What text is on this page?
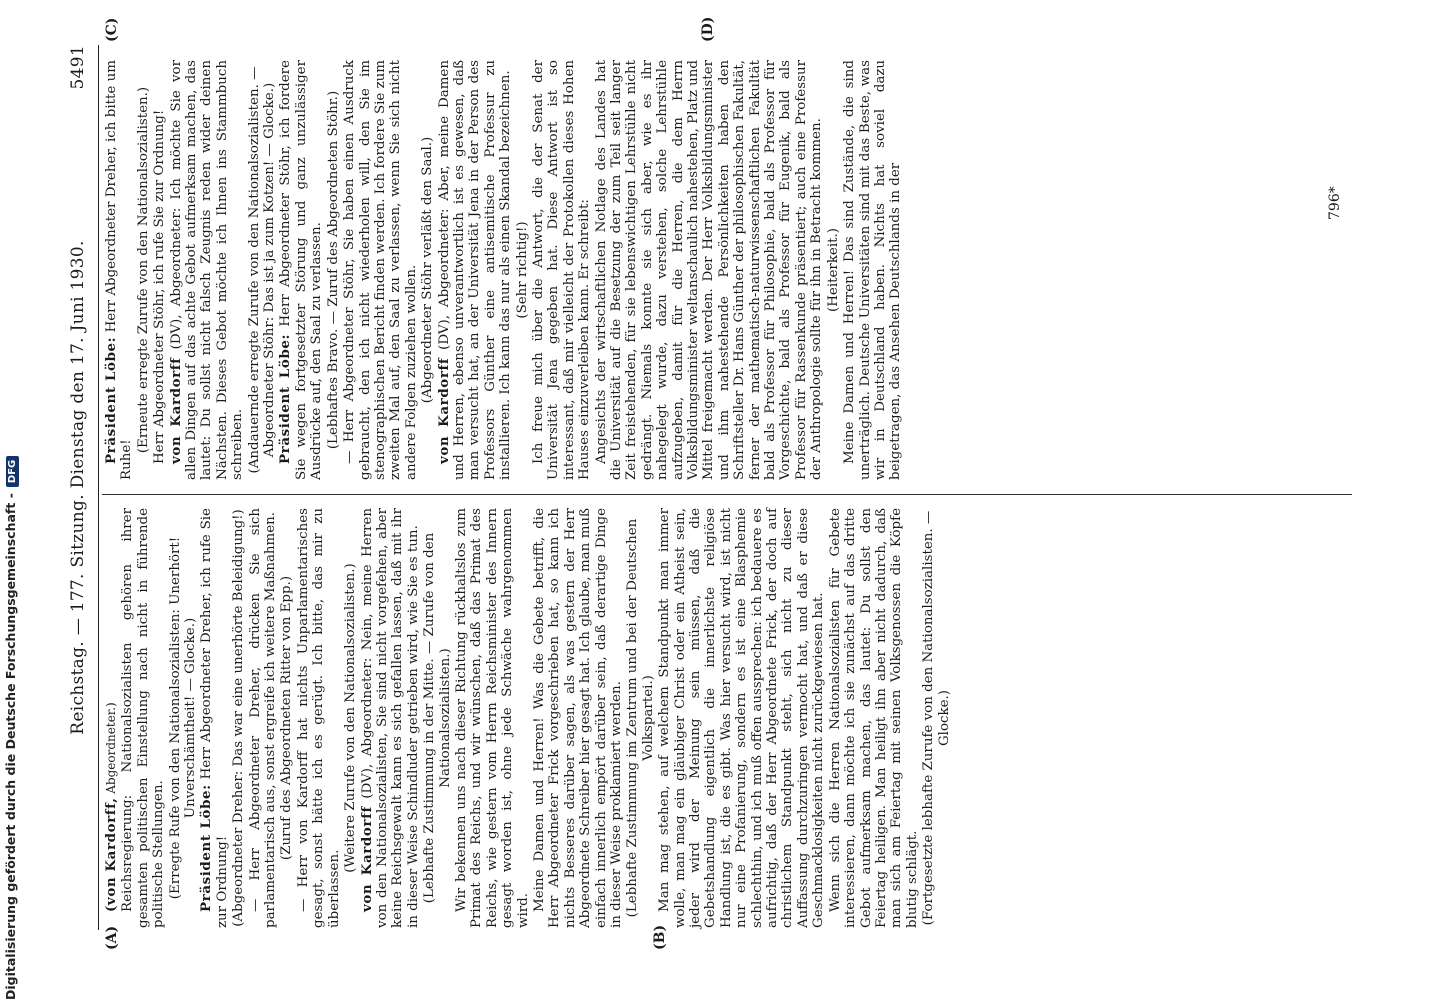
Reichstag. — 177. Sitzung. Dienstag den 17. Juni 1930.
5491
(A)	(B)
(C)	(D)

(von Kardorff, Abgeordneter.) Reichsregierung: Nationalsozialisten gehören ihrer gesamten politischen Einstellung nach nicht in führende politische Stellungen. (Erregte Rufe von den Nationalsozialisten: Unerhört! Unverschämtheit! — Glocke.)

Präsident Löbe: Herr Abgeordneter Dreher, ich rufe Sie zur Ordnung! (Abgeordneter Dreher: Das war eine unerhörte Beleidigung!) — Herr Abgeordneter Dreher, drücken Sie sich parlamentarisch aus, sonst ergreife ich weitere Maßnahmen. (Zuruf des Abgeordneten Ritter von Epp.) — Herr von Kardorff hat nichts Unparlamentarisches gesagt, sonst hätte ich es gerügt. Ich bitte, das mir zu überlassen.

(Weitere Zurufe von den Nationalsozialisten.) von Kardorff (DV), Abgeordneter: Nein, meine Herren von den Nationalsozialisten, Sie sind nicht vorgefehen, aber keine Reichsgewalt kann es sich gefallen lassen, daß mit ihr in dieser Weise Schindluder getrieben wird, wie Sie es tun. (Lebhafte Zustimmung in der Mitte. — Zurufe von den Nationalsozialisten.) Wir bekennen uns nach dieser Richtung rückhaltslos zum Primat des Reichs, und wir wünschen, daß das Primat des Reichs, wie gestern vom Herrn Reichsminister des Innern gesagt worden ist, ohne jede Schwäche wahrgenommen wird. Meine Damen und Herren! Was die Gebete betrifft, die Herr Abgeordneter Frick vorgeschrieben hat, so kann ich nichts Besseres darüber sagen, als was gestern der Herr Abgeordnete Schreiber hier gesagt hat. Ich glaube, man muß einfach innerlich empört darüber sein, daß derartige Dinge in dieser Weise proklamiert werden. (Lebhafte Zustimmung im Zentrum und bei der Deutschen Volkspartei.) Man mag stehen, auf welchem Standpunkt man immer wolle, man mag ein gläubiger Christ oder ein Atheist sein, jeder wird der Meinung sein müssen, daß die Gebetshandlung eigentlich die innerlichste religiöse Handlung ist, die es gibt. Was hier versucht wird, ist nicht nur eine Profanierung, sondern es ist eine Blasphemie schlechthin, und ich muß offen aussprechen: ich bedauere es aufrichtig, daß der Herr Abgeordnete Frick, der doch auf christlichem Standpunkt steht, sich nicht zu dieser Auffassung durchzuringen vermocht hat, und daß er diese Geschmacklosigkeiten nicht zurückgewiesen hat. Wenn sich die Herren Nationalsozialisten für Gebete interessieren, dann möchte ich sie zunächst auf das dritte Gebot aufmerksam machen, das lautet: Du sollst den Feiertag heiligen. Man heiligt ihn aber nicht dadurch, daß man sich am Feiertag mit seinen Volksgenossen die Köpfe blutig schlägt. (Fortgesetzte lebhafte Zurufe von den Nationalsozialisten. — Glocke.)

Präsident Löbe: Herr Abgeordneter Dreher, ich bitte um Ruhe!

(Erneute erregte Zurufe von den Nationalsozialisten.) Herr Abgeordneter Stöhr, ich rufe Sie zur Ordnung! von Kardorff (DV), Abgeordneter: Ich möchte Sie vor allen Dingen auf das achte Gebot aufmerksam machen, das lautet: Du sollst nicht falsch Zeugnis reden wider deinen Nächsten. Dieses Gebot möchte ich Ihnen ins Stammbuch schreiben. (Andauernde erregte Zurufe von den Nationalsozialisten. — Abgeordneter Stöhr: Das ist ja zum Kotzen! — Glocke.) Präsident Löbe: Herr Abgeordneter Stöhr, ich fordere Sie wegen fortgesetzter Störung und ganz unzulässiger Ausdrücke auf, den Saal zu verlassen. (Lebhaftes Bravo. — Zuruf des Abgeordneten Stöhr.) — Herr Abgeordneter Stöhr, Sie haben einen Ausdruck gebraucht, den ich nicht wiederholen will, den Sie im stenographischen Bericht finden werden. Ich fordere Sie zum zweiten Mal auf, den Saal zu verlassen, wenn Sie sich nicht andere Folgen zuziehen wollen. (Abgeordneter Stöhr verläßt den Saal.)

von Kardorff (DV), Abgeordneter: Aber, meine Damen und Herren, ebenso unverantwortlich ist es gewesen, daß man versucht hat, an der Universität Jena in der Person des Professors Günther eine antisemitische Professur zu installieren. Ich kann das nur als einen Skandal bezeichnen. (Sehr richtig!) Ich freue mich über die Antwort, die der Senat der Universität Jena gegeben hat. Diese Antwort ist so interessant, daß mir vielleicht der Protokollen dieses Hohen Hauses einzuverleiben kann. Er schreibt: Angesichts der wirtschaftlichen Notlage des Landes hat die Universität auf die Besetzung der zum Teil seit langer Zeit freistehenden, für sie lebenswichtigen Lehrstühle nicht gedrängt. Niemals konnte sie sich aber, wie es ihr nahegelegt wurde, dazu verstehen, solche Lehrstühle aufzugeben, damit für die Herren, die dem Herrn Volksbildungsminister weltanschaulich nahestehen, Platz und Mittel freigemacht werden. Der Herr Volksbildungsminister und ihm nahestehende Persönlichkeiten haben den Schriftsteller Dr. Hans Günther der philosophischen Fakultät, ferner der mathematisch-naturwissenschaftlichen Fakultät bald als Professor für Philosophie, bald als Professor für Vorgeschichte, bald als Professor für Eugenik, bald als Professor für Rassenkunde präsentiert; auch eine Professur der Anthropologie sollte für ihn in Betracht kommen. (Heiterkeit.) Meine Damen und Herren! Das sind Zustände, die sind unerträglich. Deutsche Universitäten sind mit das Beste, was wir in Deutschland haben. Nichts hat soviel dazu beigetragen, das Ansehen Deutschlands in der	796*
Digitalisierung gefördert durch die Deutsche Forschungsgemeinschaft -DFG
